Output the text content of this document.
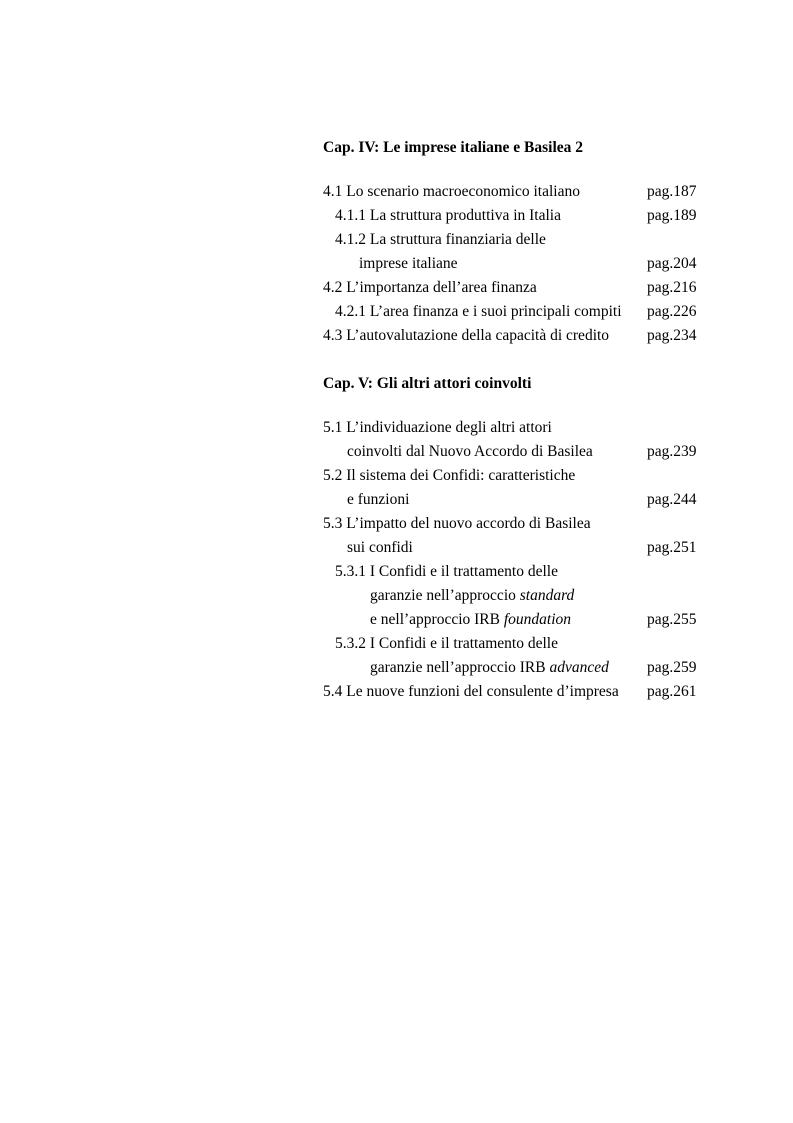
Cap. IV: Le imprese italiane e Basilea 2

4.1 Lo scenario macroeconomico italiano	pag.187
4.1.1 La struttura produttiva in Italia	pag.189
4.1.2 La struttura finanziaria delle
imprese italiane	pag.204
4.2 L’importanza dell’area finanza	pag.216
4.2.1 L’area finanza e i suoi principali compiti pag.226
4.3 L’autovalutazione della capacità di credito pag.234

Cap. V: Gli altri attori coinvolti

5.1 L’individuazione degli altri attori
coinvolti dal Nuovo Accordo di Basilea	pag.239
5.2 Il sistema dei Confidi: caratteristiche
e funzioni	pag.244
5.3 L’impatto del nuovo accordo di Basilea
sui confidi	pag.251
5.3.1 I Confidi e il trattamento delle
garanzie nell’approccio standard
e nell’approccio IRB foundation	pag.255
5.3.2 I Confidi e il trattamento delle
garanzie nell’approccio IRB advanced pag.259
5.4 Le nuove funzioni del consulente d’impresa pag.261
